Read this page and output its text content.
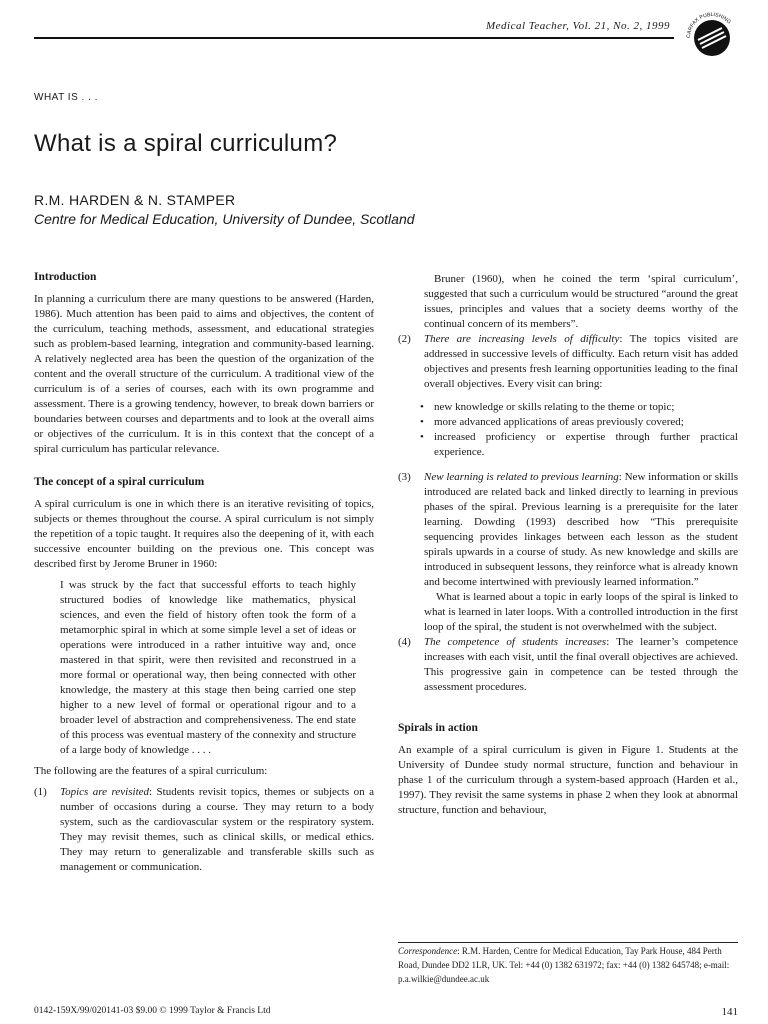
Medical Teacher, Vol. 21, No. 2, 1999
CARFAX PUBLISHING
WHAT IS . . .
What is a spiral curriculum?
R.M. HARDEN & N. STAMPER
Centre for Medical Education, University of Dundee, Scotland
Introduction

In planning a curriculum there are many questions to be answered (Harden, 1986). Much attention has been paid to aims and objectives, the content of the curriculum, teaching methods, assessment, and educational strategies such as problem-based learning, integration and community-based learning. A relatively neglected area has been the question of the organization of the content and the overall structure of the curriculum. A traditional view of the curriculum is of a series of courses, each with its own programme and assessment. There is a growing tendency, however, to break down barriers or boundaries between courses and departments and to look at the overall aims or objectives of the curriculum. It is in this context that the concept of a spiral curriculum has particular relevance.

The concept of a spiral curriculum

A spiral curriculum is one in which there is an iterative revisiting of topics, subjects or themes throughout the course. A spiral curriculum is not simply the repetition of a topic taught. It requires also the deepening of it, with each successive encounter building on the previous one. This concept was described first by Jerome Bruner in 1960:

I was struck by the fact that successful efforts to teach highly structured bodies of knowledge like mathematics, physical sciences, and even the field of history often took the form of a metamorphic spiral in which at some simple level a set of ideas or operations were introduced in a rather intuitive way and, once mastered in that spirit, were then revisited and reconstrued in a more formal or operational way, then being connected with other knowledge, the mastery at this stage then being carried one step higher to a new level of formal or operational rigour and to a broader level of abstraction and comprehensiveness. The end state of this process was eventual mastery of the connexity and structure of a large body of knowledge . . . .

The following are the features of a spiral curriculum:

(1) Topics are revisited: Students revisit topics, themes or subjects on a number of occasions during a course. They may return to a body system, such as the cardiovascular system or the respiratory system. They may revisit themes, such as clinical skills, or medical ethics. They may return to generalizable and transferable skills such as management or communication.

Bruner (1960), when he coined the term ‘spiral curriculum’, suggested that such a curriculum would be structured “around the great issues, principles and values that a society deems worthy of the continual concern of its members”.

(2) There are increasing levels of difficulty: The topics visited are addressed in successive levels of difficulty. Each return visit has added objectives and presents fresh learning opportunities leading to the final overall objectives. Every visit can bring:
• new knowledge or skills relating to the theme or topic;
• more advanced applications of areas previously covered;
• increased proficiency or expertise through further practical experience.
(3) New learning is related to previous learning: New information or skills introduced are related back and linked directly to learning in previous phases of the spiral. Previous learning is a prerequisite for the later learning. Dowding (1993) described how “This prerequisite sequencing provides linkages between each lesson as the student spirals upwards in a course of study. As new knowledge and skills are introduced in subsequent lessons, they reinforce what is already known and become intertwined with previously learned information.”

What is learned about a topic in early loops of the spiral is linked to what is learned in later loops. With a controlled introduction in the first loop of the spiral, the student is not overwhelmed with the subject.

(4) The competence of students increases: The learner’s competence increases with each visit, until the final overall objectives are achieved. This progressive gain in competence can be tested through the assessment procedures.
Spirals in action

An example of a spiral curriculum is given in Figure 1. Students at the University of Dundee study normal structure, function and behaviour in phase 1 of the curriculum through a system-based approach (Harden et al., 1997). They revisit the same systems in phase 2 when they look at abnormal structure, function and behaviour,

Correspondence: R.M. Harden, Centre for Medical Education, Tay Park House, 484 Perth Road, Dundee DD2 1LR, UK. Tel: +44 (0) 1382 631972; fax: +44 (0) 1382 645748; e-mail: p.a.wilkie@dundee.ac.uk
0142-159X/99/020141-03 $9.00 © 1999 Taylor & Francis Ltd	141
